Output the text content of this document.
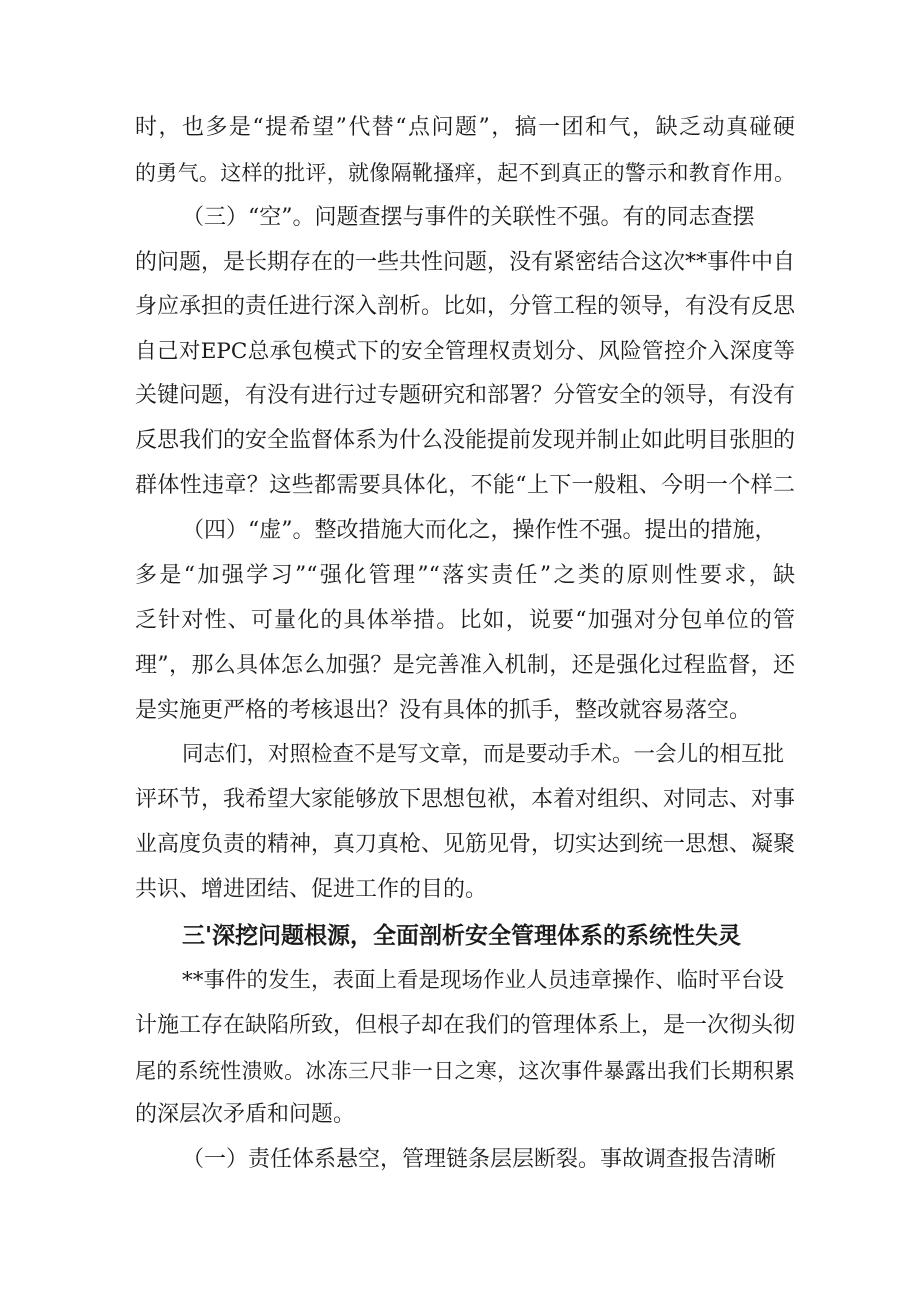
时，也多是“提希望”代替“点问题”，搞一团和气，缺乏动真碰硬
的勇气。这样的批评，就像隔靴搔痒，起不到真正的警示和教育作用。
（三）“空”。问题查摆与事件的关联性不强。有的同志查摆
的问题，是长期存在的一些共性问题，没有紧密结合这次**事件中自
身应承担的责任进行深入剖析。比如，分管工程的领导，有没有反思
自己对EPC总承包模式下的安全管理权责划分、风险管控介入深度等
关键问题，有没有进行过专题研究和部署？分管安全的领导，有没有
反思我们的安全监督体系为什么没能提前发现并制止如此明目张胆的
群体性违章？这些都需要具体化，不能“上下一般粗、今明一个样二
（四）“虚”。整改措施大而化之，操作性不强。提出的措施，
多是“加强学习”“强化管理”“落实责任”之类的原则性要求，缺
乏针对性、可量化的具体举措。比如，说要“加强对分包单位的管
理”，那么具体怎么加强？是完善准入机制，还是强化过程监督，还
是实施更严格的考核退出？没有具体的抓手，整改就容易落空。
同志们，对照检查不是写文章，而是要动手术。一会儿的相互批
评环节，我希望大家能够放下思想包袱，本着对组织、对同志、对事
业高度负责的精神，真刀真枪、见筋见骨，切实达到统一思想、凝聚
共识、增进团结、促进工作的目的。
三'深挖问题根源，全面剖析安全管理体系的系统性失灵
**事件的发生，表面上看是现场作业人员违章操作、临时平台设
计施工存在缺陷所致，但根子却在我们的管理体系上，是一次彻头彻
尾的系统性溃败。冰冻三尺非一日之寒，这次事件暴露出我们长期积累
的深层次矛盾和问题。
（一）责任体系悬空，管理链条层层断裂。事故调查报告清晰
